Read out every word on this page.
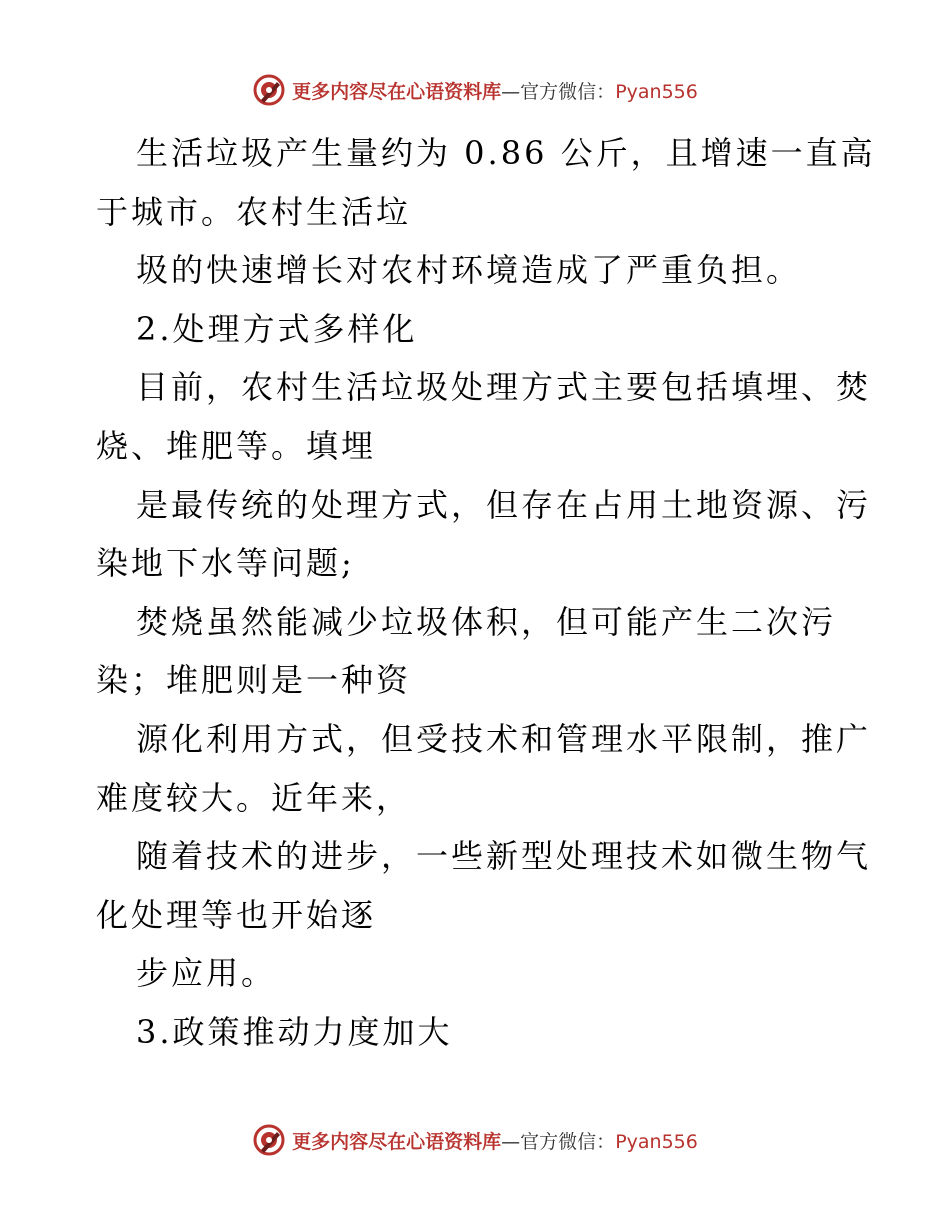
更多内容尽在心语资料库—官方微信：Pyan556
生活垃圾产生量约为 0.86 公斤，且增速一直高
于城市。农村生活垃
圾的快速增长对农村环境造成了严重负担。
2.处理方式多样化
目前，农村生活垃圾处理方式主要包括填埋、焚
烧、堆肥等。填埋
是最传统的处理方式，但存在占用土地资源、污
染地下水等问题;
焚烧虽然能减少垃圾体积，但可能产生二次污
染；堆肥则是一种资
源化利用方式，但受技术和管理水平限制，推广
难度较大。近年来，
随着技术的进步，一些新型处理技术如微生物气
化处理等也开始逐
步应用。
3.政策推动力度加大
更多内容尽在心语资料库—官方微信：Pyan556
